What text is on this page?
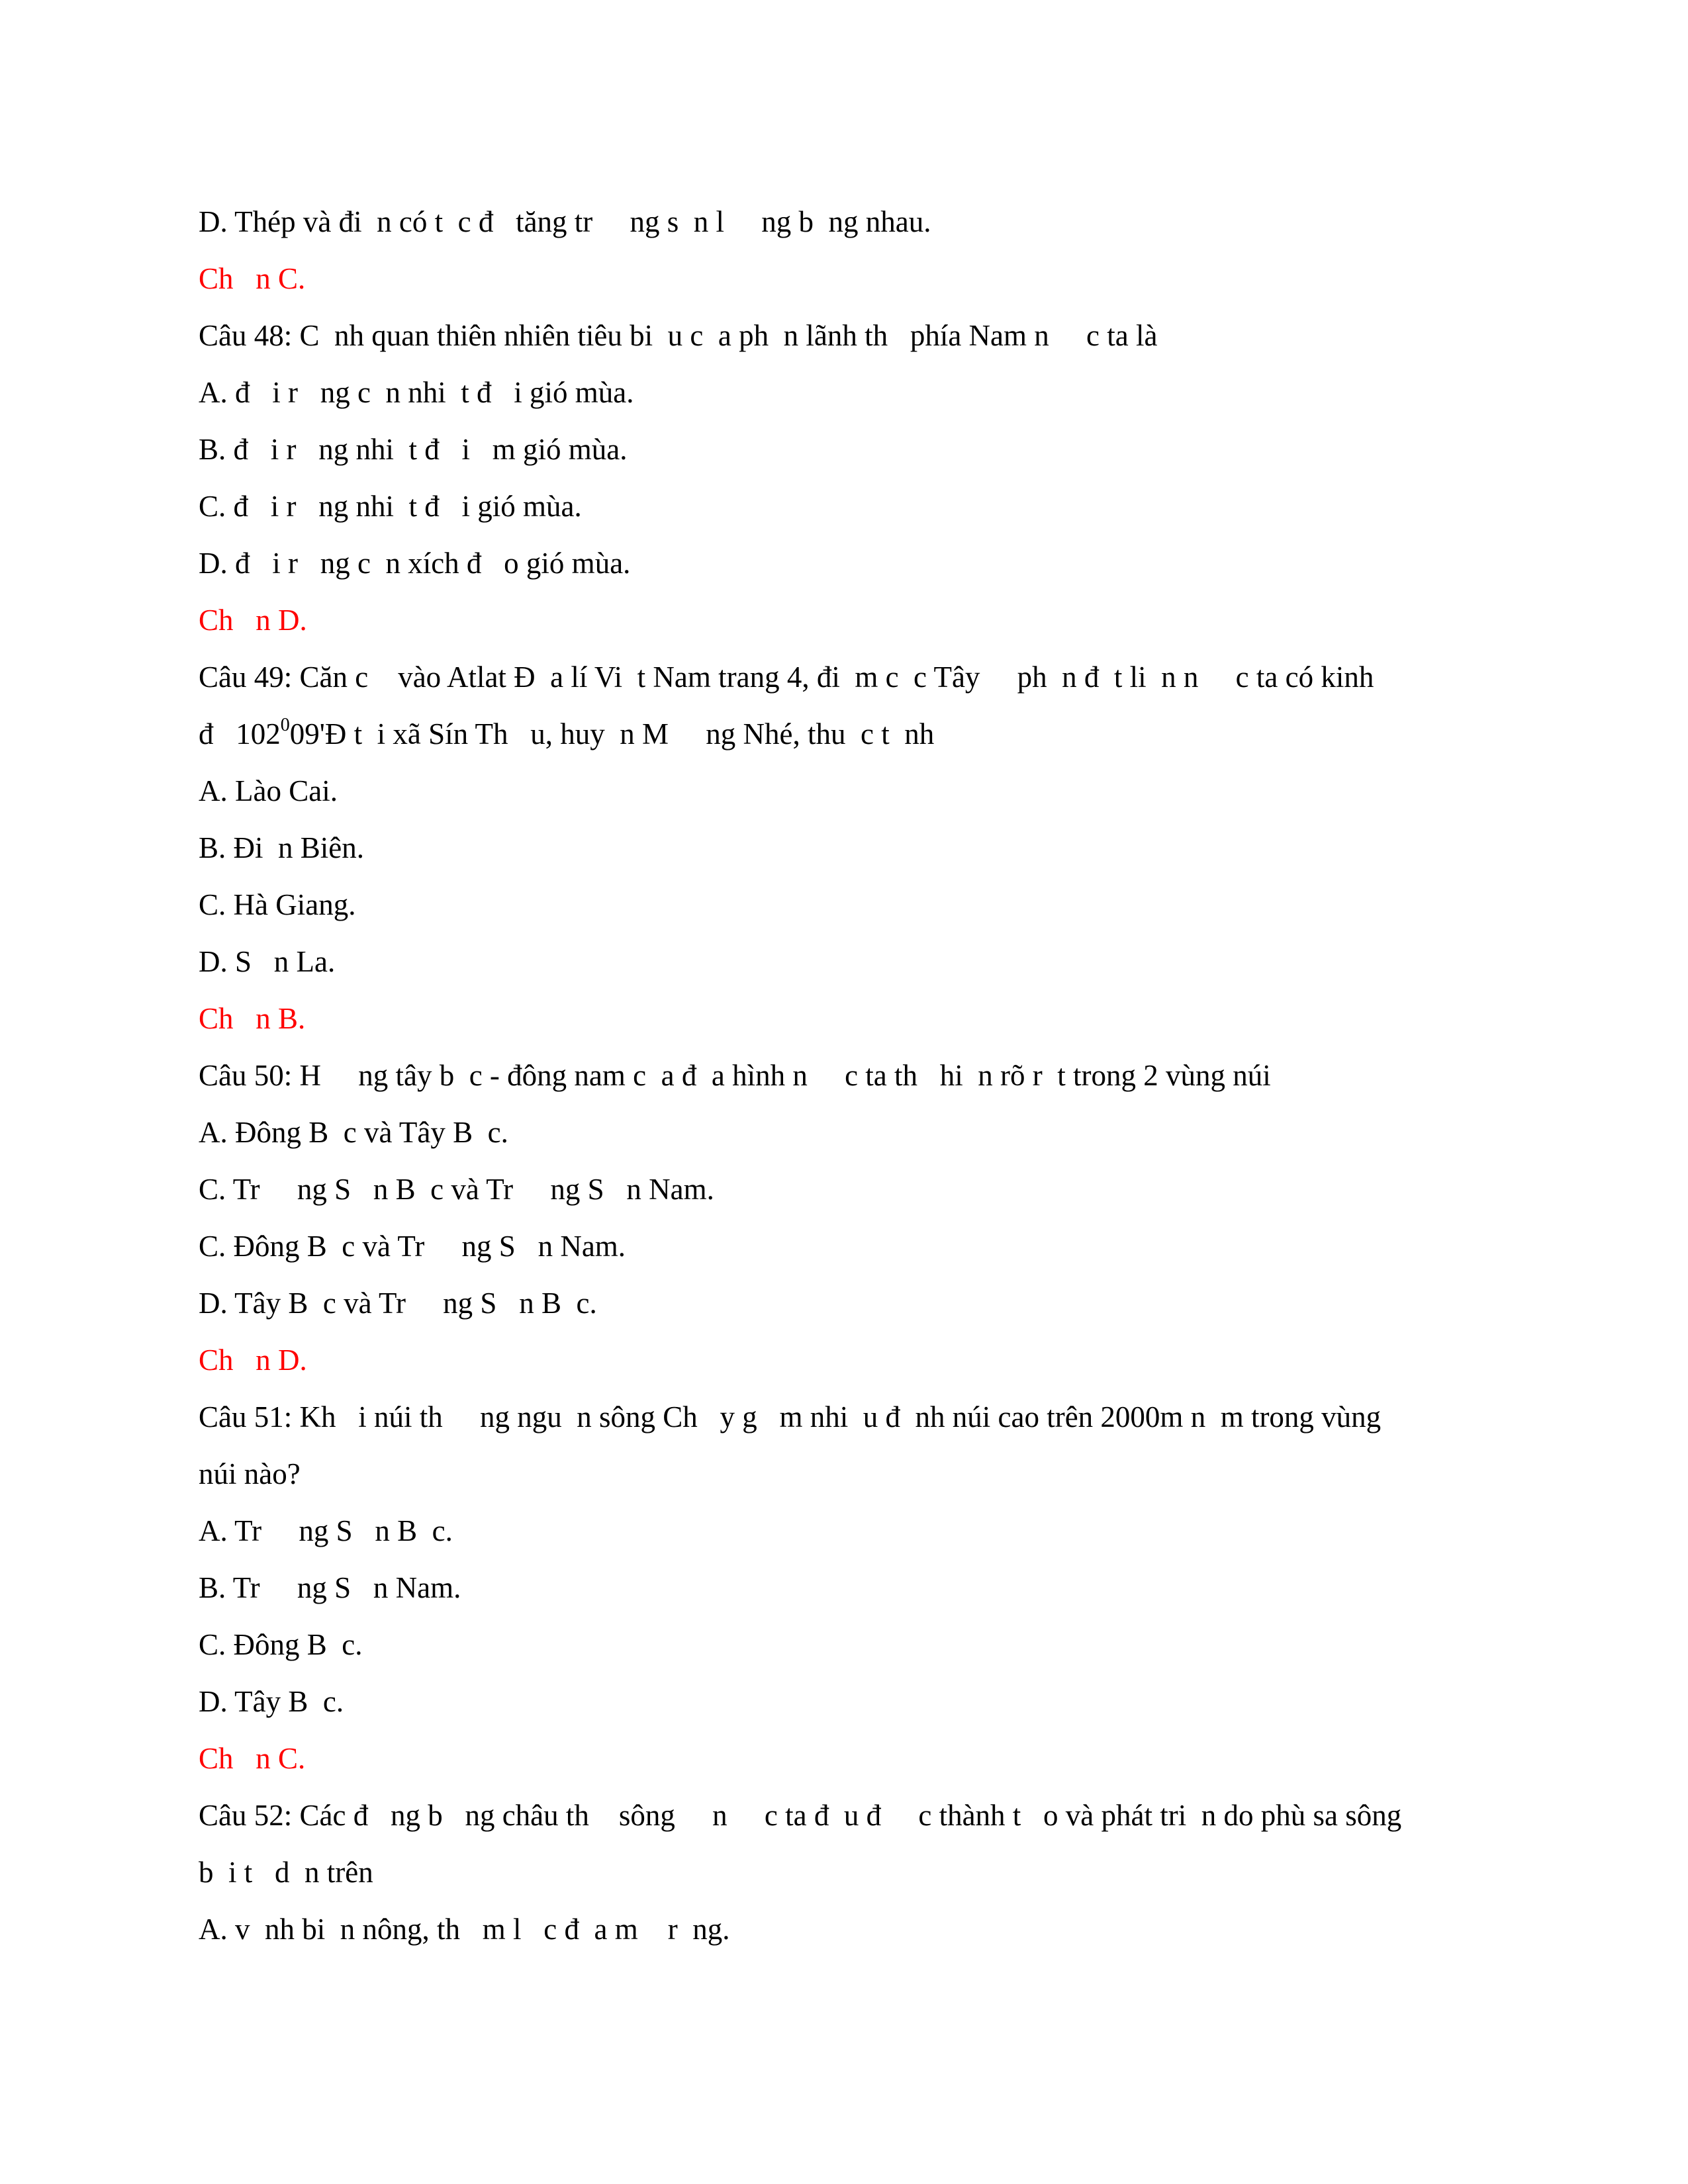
D. Thép và đi  n có t  c đ   tăng tr     ng s  n l     ng b  ng nhau.

Ch   n C.

Câu 48: C  nh quan thiên nhiên tiêu bi  u c  a ph  n lãnh th   phía Nam n     c ta là

A. đ   i r   ng c  n nhi  t đ   i gió mùa.

B. đ   i r   ng nhi  t đ   i   m gió mùa.

C. đ   i r   ng nhi  t đ   i gió mùa.

D. đ   i r   ng c  n xích đ   o gió mùa.

Ch   n D.

Câu 49: Căn c    vào Atlat Đ  a lí Vi  t Nam trang 4, đi  m c  c Tây     ph  n đ  t li  n n     c ta có kinh

đ   $102^009'Đ$ t  i xã Sín Th   u, huy  n M     ng Nhé, thu  c t  nh

A. Lào Cai.

B. Đi  n Biên.

C. Hà Giang.

D. S   n La.

Ch   n B.

Câu 50: H     ng tây b  c - đông nam c  a đ  a hình n     c ta th   hi  n rõ r  t trong 2 vùng núi

A. Đông B  c và Tây B  c.

C. Tr     ng S   n B  c và Tr     ng S   n Nam.

C. Đông B  c và Tr     ng S   n Nam.

D. Tây B  c và Tr     ng S   n B  c.

Ch   n D.

Câu 51: Kh   i núi th     ng ngu  n sông Ch   y g   m nhi  u đ  nh núi cao trên 2000m n  m trong vùng

núi nào?

A. Tr     ng S   n B  c.

B. Tr     ng S   n Nam.

C. Đông B  c.

D. Tây B  c.

Ch   n C.

Câu 52: Các đ   ng b   ng châu th    sông     n     c ta đ  u đ     c thành t   o và phát tri  n do phù sa sông

b  i t   d  n trên

A. v  nh bi  n nông, th   m l   c đ  a m    r  ng.
